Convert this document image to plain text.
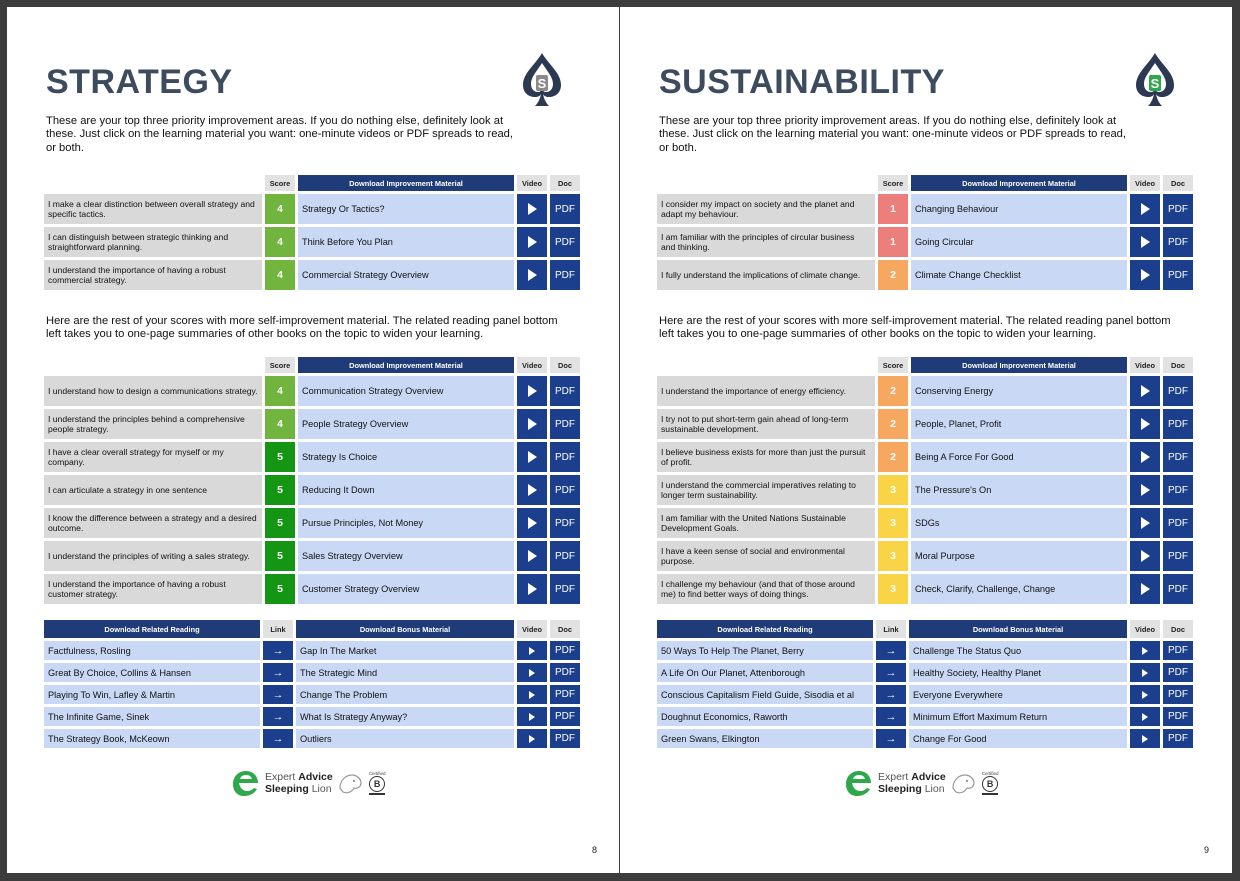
STRATEGY	S
These are your top three priority improvement areas. If you do nothing else, definitely look at these. Just click on the learning material you want: one-minute videos or PDF spreads to read, or both.
Score	Download Improvement Material	Video	Doc
I make a clear distinction between overall strategy and specific tactics.	4	Strategy Or Tactics?	PDF
I can distinguish between strategic thinking and straightforward planning.	4	Think Before You Plan	PDF
I understand the importance of having a robust commercial strategy.	4	Commercial Strategy Overview	PDF
Here are the rest of your scores with more self-improvement material. The related reading panel bottom left takes you to one-page summaries of other books on the topic to widen your learning.
Score	Download Improvement Material	Video	Doc
I understand how to design a communications strategy.	4	Communication Strategy Overview	PDF
I understand the principles behind a comprehensive people strategy.	4	People Strategy Overview	PDF
I have a clear overall strategy for myself or my company.	5	Strategy Is Choice	PDF
I can articulate a strategy in one sentence	5	Reducing It Down	PDF
I know the difference between a strategy and a desired outcome.	5	Pursue Principles, Not Money	PDF
I understand the principles of writing a sales strategy.	5	Sales Strategy Overview	PDF
I understand the importance of having a robust customer strategy.	5	Customer Strategy Overview	PDF
Download Related Reading	Link	Download Bonus Material	Video	Doc
Factfulness, Rosling	→	Gap In The Market	PDF
Great By Choice, Collins & Hansen	→	The Strategic Mind	PDF
Playing To Win, Lafley & Martin	→	Change The Problem	PDF
The Infinite Game, Sinek	→	What Is Strategy Anyway?	PDF
The Strategy Book, McKeown	→	Outliers	PDF
Expert Advice
Sleeping Lion
Certified
B
8
SUSTAINABILITY	S
These are your top three priority improvement areas. If you do nothing else, definitely look at these. Just click on the learning material you want: one-minute videos or PDF spreads to read, or both.
Score	Download Improvement Material	Video	Doc
I consider my impact on society and the planet and adapt my behaviour.	1	Changing Behaviour	PDF
I am familiar with the principles of circular business and thinking.	1	Going Circular	PDF
I fully understand the implications of climate change.	2	Climate Change Checklist	PDF
Here are the rest of your scores with more self-improvement material. The related reading panel bottom left takes you to one-page summaries of other books on the topic to widen your learning.
Score	Download Improvement Material	Video	Doc
I understand the importance of energy efficiency.	2	Conserving Energy	PDF
I try not to put short-term gain ahead of long-term sustainable development.	2	People, Planet, Profit	PDF
I believe business exists for more than just the pursuit of profit.	2	Being A Force For Good	PDF
I understand the commercial imperatives relating to longer term sustainability.	3	The Pressure's On	PDF
I am familiar with the United Nations Sustainable Development Goals.	3	SDGs	PDF
I have a keen sense of social and environmental purpose.	3	Moral Purpose	PDF
I challenge my behaviour (and that of those around me) to find better ways of doing things.	3	Check, Clarify, Challenge, Change	PDF
Download Related Reading	Link	Download Bonus Material	Video	Doc
50 Ways To Help The Planet, Berry	→	Challenge The Status Quo	PDF
A Life On Our Planet, Attenborough	→	Healthy Society, Healthy Planet	PDF
Conscious Capitalism Field Guide, Sisodia et al	→	Everyone Everywhere	PDF
Doughnut Economics, Raworth	→	Minimum Effort Maximum Return	PDF
Green Swans, Elkington	→	Change For Good	PDF
Expert Advice
Sleeping Lion
Certified
B
9
